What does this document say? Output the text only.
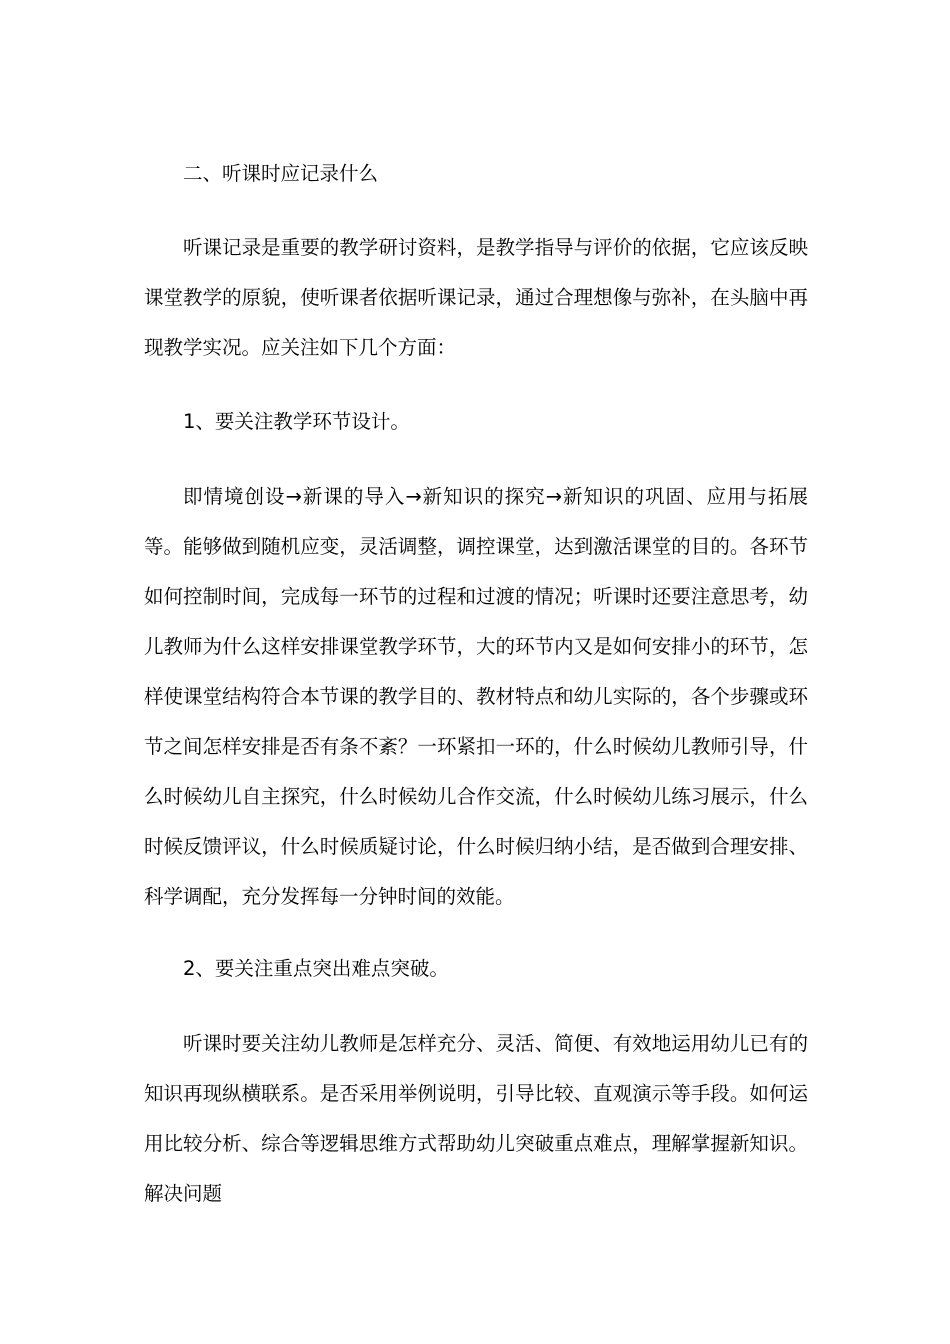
二、听课时应记录什么

听课记录是重要的教学研讨资料，是教学指导与评价的依据，它应该反映课堂教学的原貌，使听课者依据听课记录，通过合理想像与弥补，在头脑中再现教学实况。应关注如下几个方面：

1、要关注教学环节设计。

即情境创设→新课的导入→新知识的探究→新知识的巩固、应用与拓展等。能够做到随机应变，灵活调整，调控课堂，达到激活课堂的目的。各环节如何控制时间，完成每一环节的过程和过渡的情况；听课时还要注意思考，幼儿教师为什么这样安排课堂教学环节，大的环节内又是如何安排小的环节，怎样使课堂结构符合本节课的教学目的、教材特点和幼儿实际的，各个步骤或环节之间怎样安排是否有条不紊？一环紧扣一环的，什么时候幼儿教师引导，什么时候幼儿自主探究，什么时候幼儿合作交流，什么时候幼儿练习展示，什么时候反馈评议，什么时候质疑讨论，什么时候归纳小结，是否做到合理安排、科学调配，充分发挥每一分钟时间的效能。

2、要关注重点突出难点突破。

听课时要关注幼儿教师是怎样充分、灵活、简便、有效地运用幼儿已有的知识再现纵横联系。是否采用举例说明，引导比较、直观演示等手段。如何运用比较分析、综合等逻辑思维方式帮助幼儿突破重点难点，理解掌握新知识。解决问题
